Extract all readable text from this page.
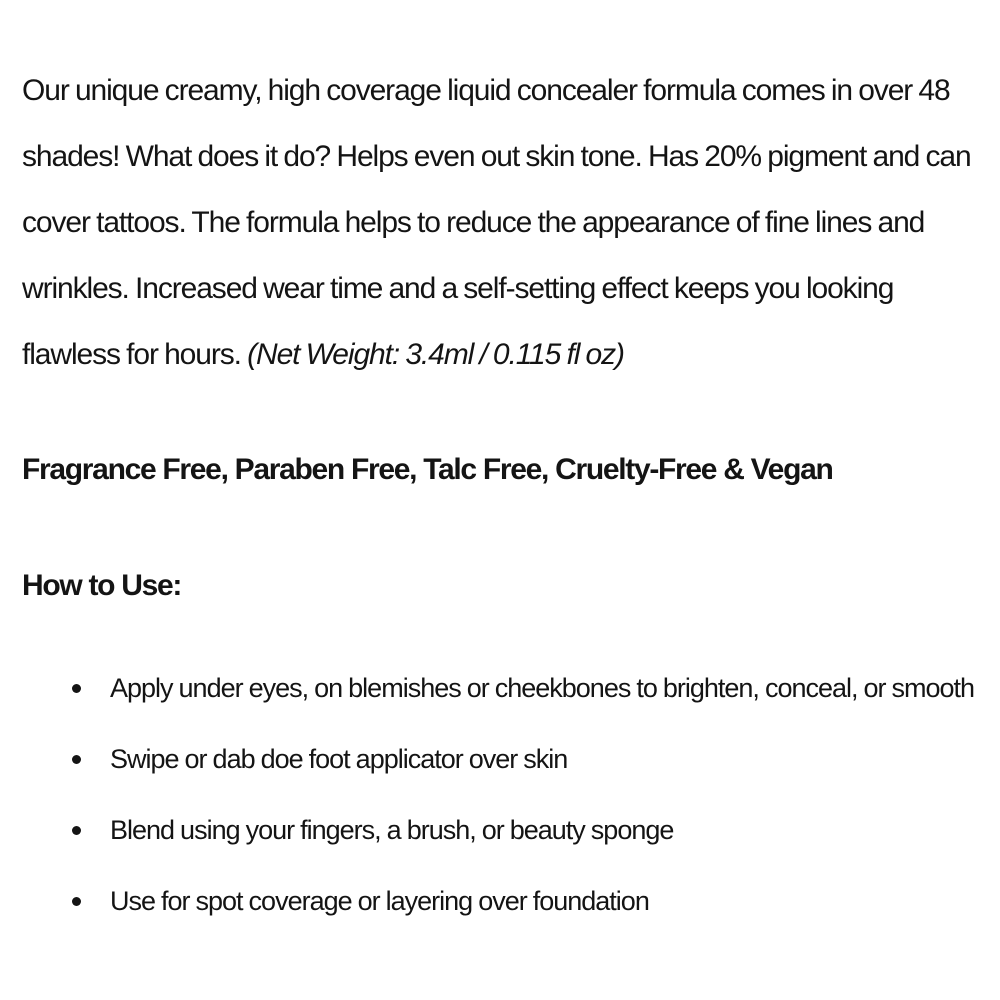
Our unique creamy, high coverage liquid concealer formula comes in over 48
shades! What does it do? Helps even out skin tone. Has 20% pigment and can
cover tattoos. The formula helps to reduce the appearance of fine lines and
wrinkles. Increased wear time and a self-setting effect keeps you looking
flawless for hours. (Net Weight: 3.4ml / 0.115 fl oz)

Fragrance Free, Paraben Free, Talc Free, Cruelty-Free & Vegan

How to Use:
Apply under eyes, on blemishes or cheekbones to brighten, conceal, or smooth
Swipe or dab doe foot applicator over skin
Blend using your fingers, a brush, or beauty sponge
Use for spot coverage or layering over foundation
